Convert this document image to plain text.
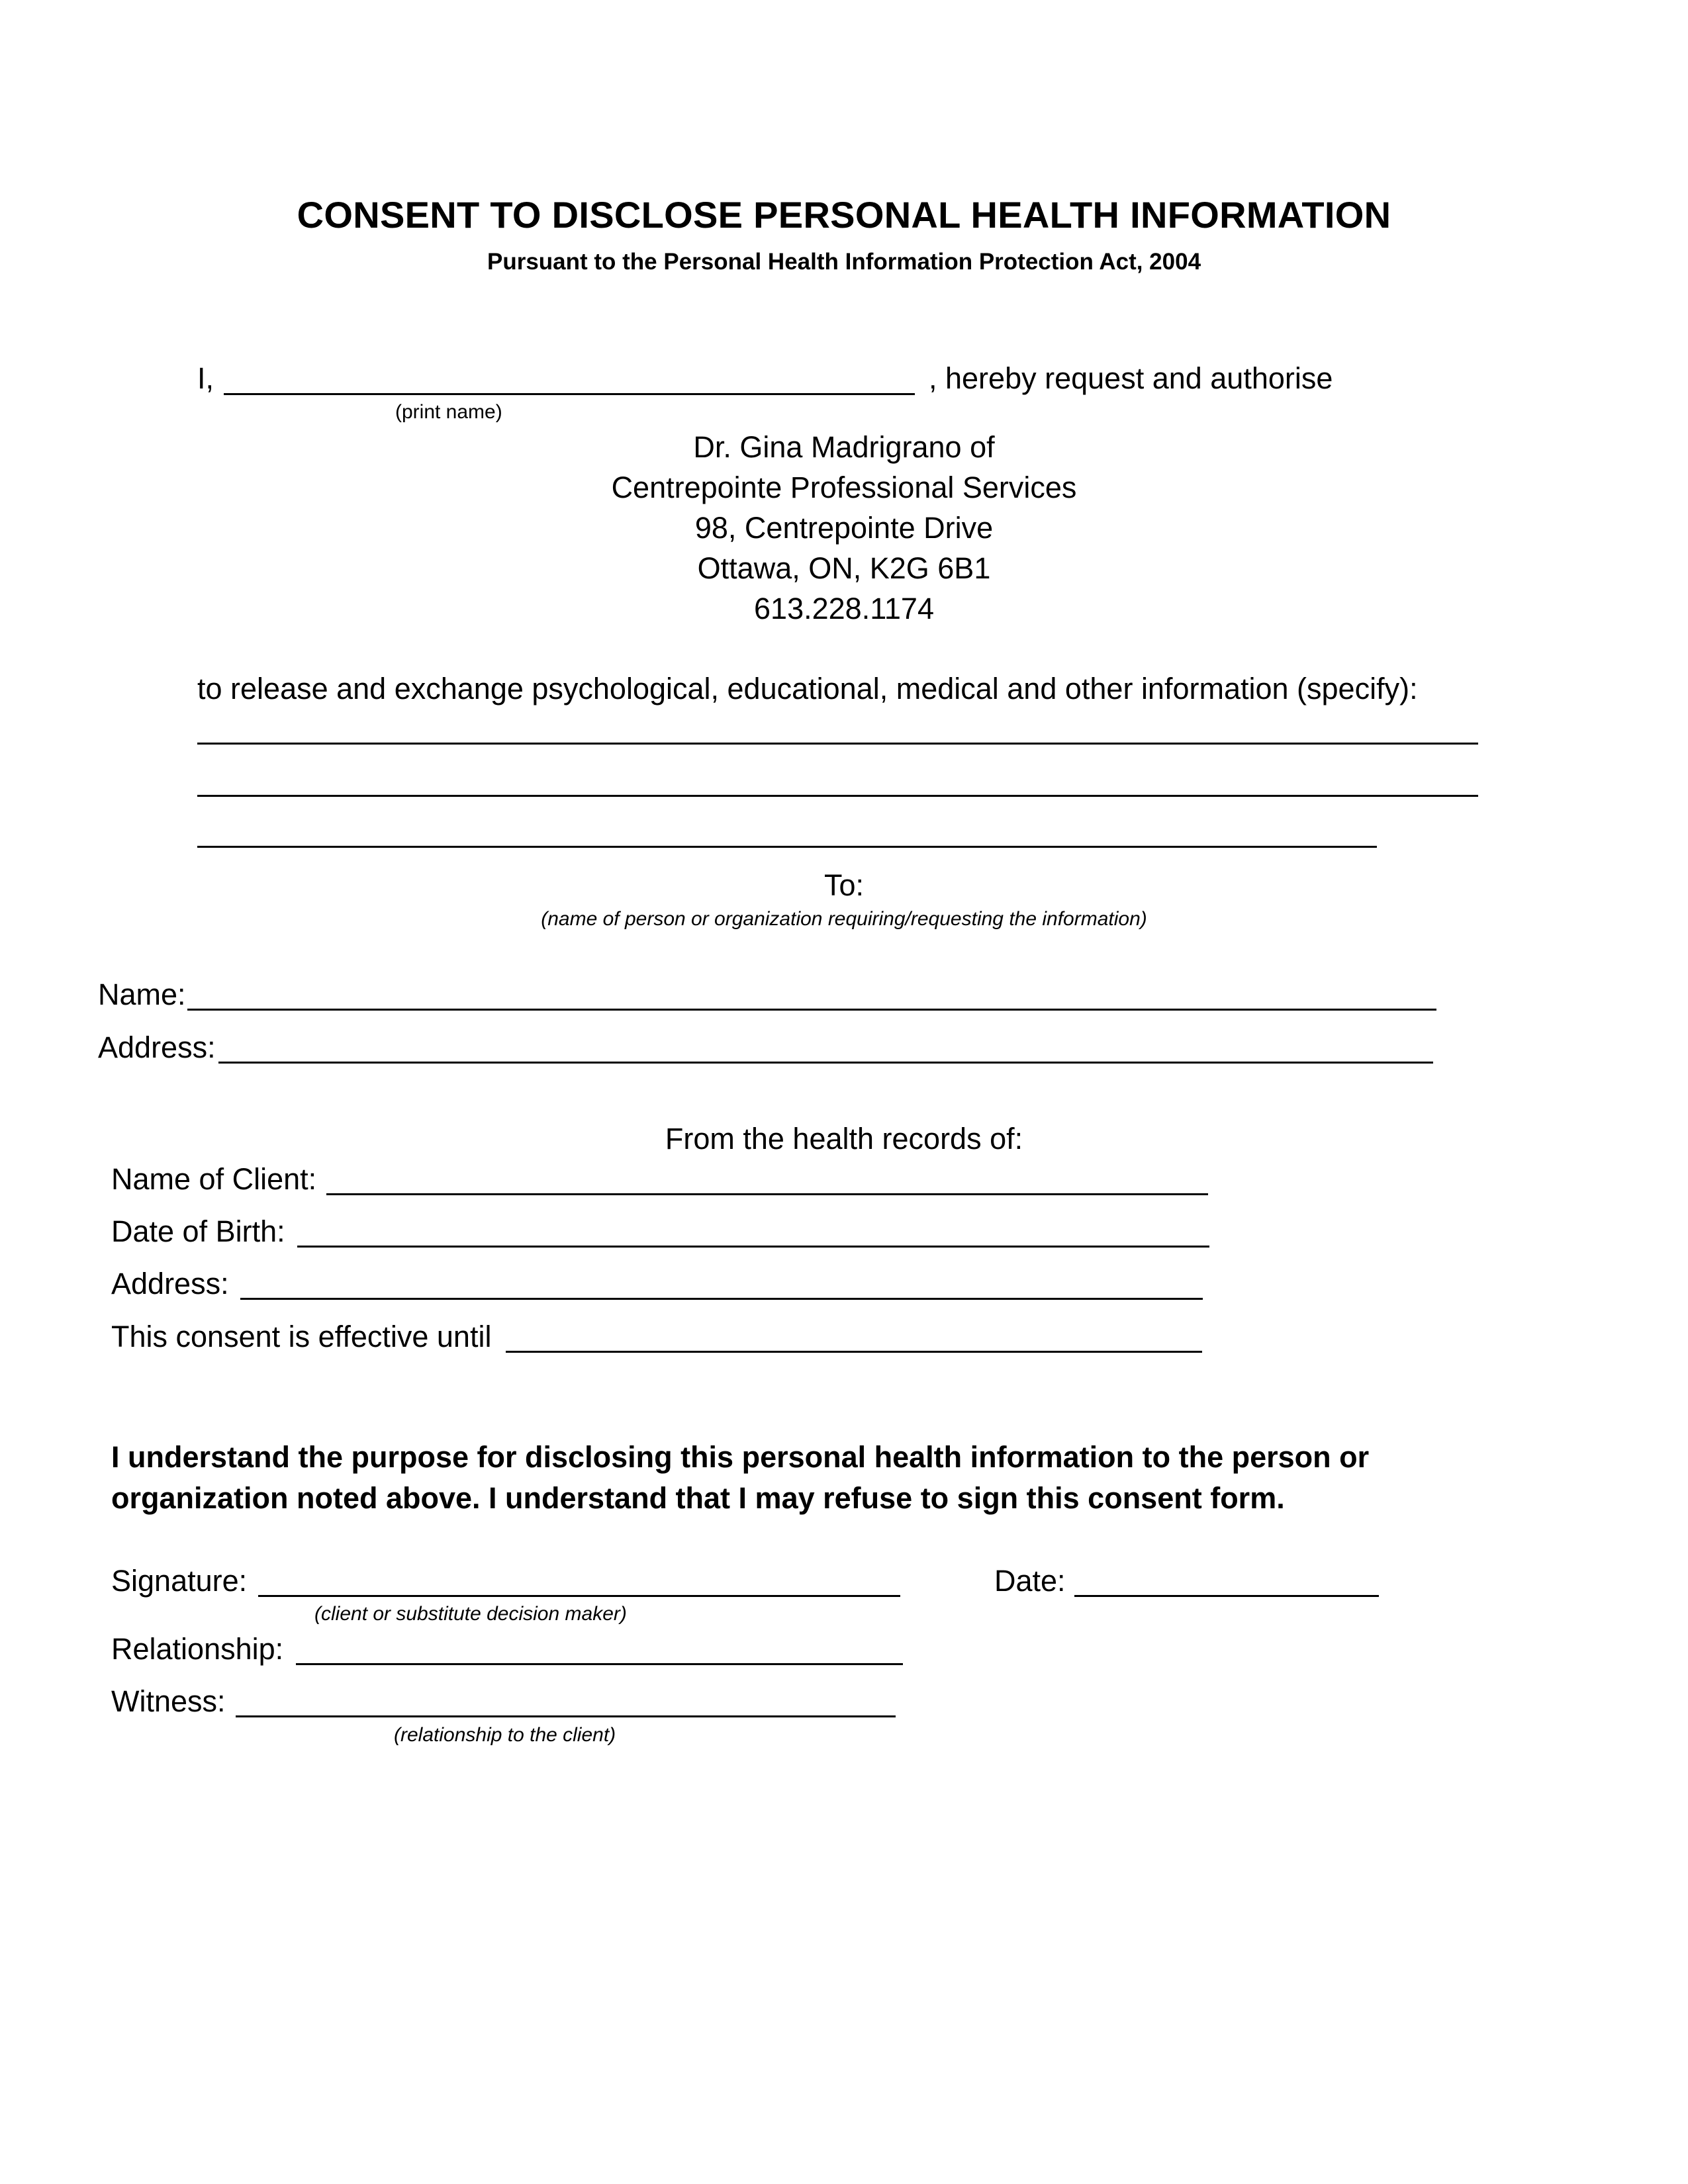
CONSENT TO DISCLOSE PERSONAL HEALTH INFORMATION
Pursuant to the Personal Health Information Protection Act, 2004
I,	, hereby request and authorise
(print name)
Dr. Gina Madrigrano of
Centrepointe Professional Services
98, Centrepointe Drive
Ottawa, ON, K2G 6B1
613.228.1174
to release and exchange psychological, educational, medical and other information (specify):
To:
(name of person or organization requiring/requesting the information)
Name:
Address:
From the health records of:
Name of Client:
Date of Birth:
Address:
This consent is effective until
I understand the purpose for disclosing this personal health information to the person or organization noted above. I understand that I may refuse to sign this consent form.
Signature:
(client or substitute decision maker)
Date:
Relationship:
Witness:
(relationship to the client)
